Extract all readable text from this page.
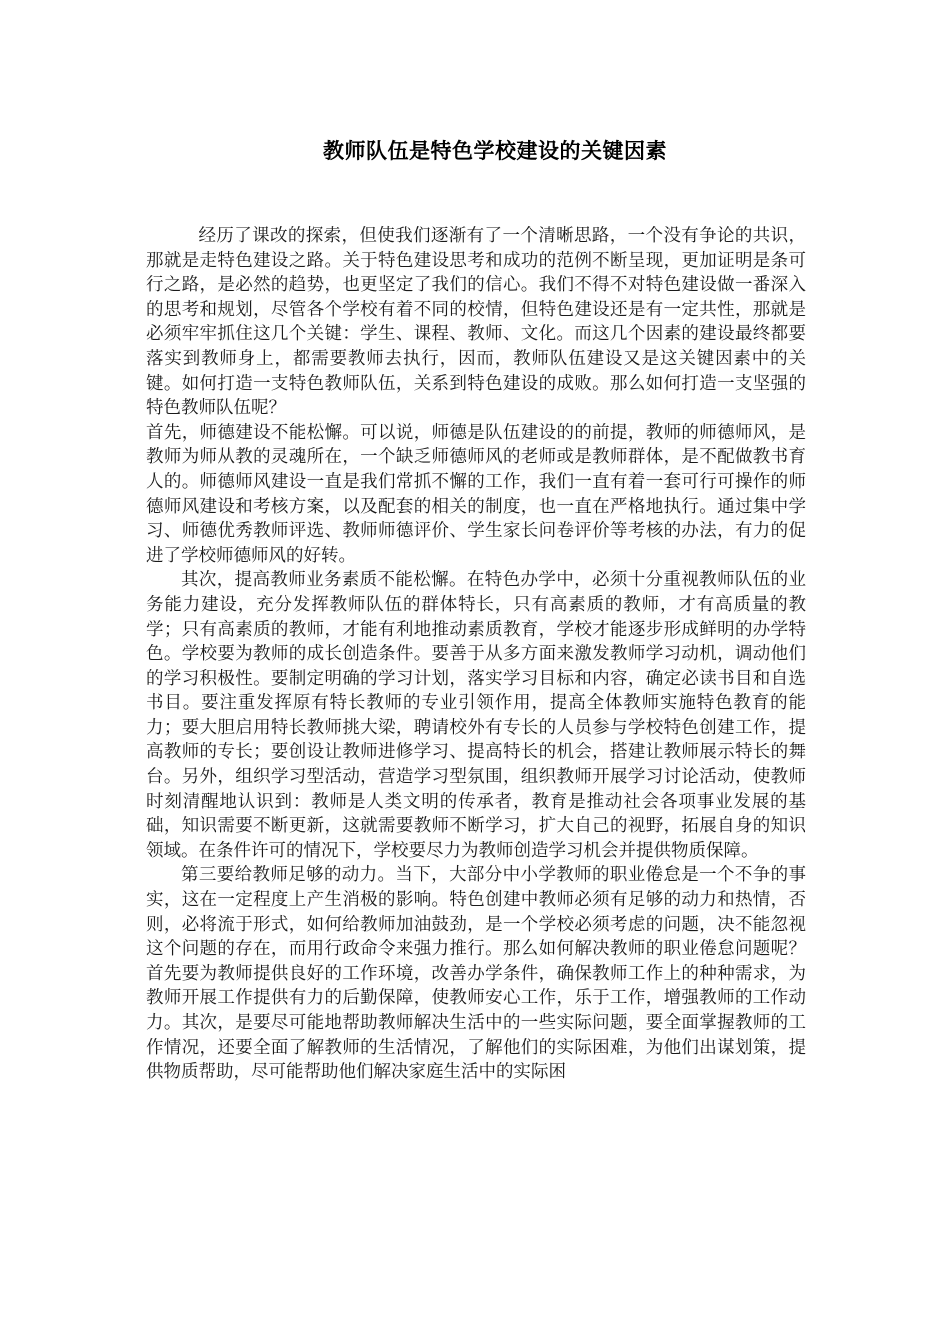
教师队伍是特色学校建设的关键因素

经历了课改的探索，但使我们逐渐有了一个清晰思路，一个没有争论的共识，那就是走特色建设之路。关于特色建设思考和成功的范例不断呈现，更加证明是条可行之路，是必然的趋势，也更坚定了我们的信心。我们不得不对特色建设做一番深入的思考和规划，尽管各个学校有着不同的校情，但特色建设还是有一定共性，那就是必须牢牢抓住这几个关键：学生、课程、教师、文化。而这几个因素的建设最终都要落实到教师身上，都需要教师去执行，因而，教师队伍建设又是这关键因素中的关键。如何打造一支特色教师队伍，关系到特色建设的成败。那么如何打造一支坚强的特色教师队伍呢？

首先，师德建设不能松懈。可以说，师德是队伍建设的的前提，教师的师德师风，是教师为师从教的灵魂所在，一个缺乏师德师风的老师或是教师群体，是不配做教书育人的。师德师风建设一直是我们常抓不懈的工作，我们一直有着一套可行可操作的师德师风建设和考核方案，以及配套的相关的制度，也一直在严格地执行。通过集中学习、师德优秀教师评选、教师师德评价、学生家长问卷评价等考核的办法，有力的促进了学校师德师风的好转。

其次，提高教师业务素质不能松懈。在特色办学中，必须十分重视教师队伍的业务能力建设，充分发挥教师队伍的群体特长，只有高素质的教师，才有高质量的教学；只有高素质的教师，才能有利地推动素质教育，学校才能逐步形成鲜明的办学特色。学校要为教师的成长创造条件。要善于从多方面来激发教师学习动机，调动他们的学习积极性。要制定明确的学习计划，落实学习目标和内容，确定必读书目和自选书目。要注重发挥原有特长教师的专业引领作用，提高全体教师实施特色教育的能力；要大胆启用特长教师挑大梁，聘请校外有专长的人员参与学校特色创建工作，提高教师的专长；要创设让教师进修学习、提高特长的机会，搭建让教师展示特长的舞台。另外，组织学习型活动，营造学习型氛围，组织教师开展学习讨论活动，使教师时刻清醒地认识到：教师是人类文明的传承者，教育是推动社会各项事业发展的基础，知识需要不断更新，这就需要教师不断学习，扩大自己的视野，拓展自身的知识领域。在条件许可的情况下，学校要尽力为教师创造学习机会并提供物质保障。

第三要给教师足够的动力。当下，大部分中小学教师的职业倦怠是一个不争的事实，这在一定程度上产生消极的影响。特色创建中教师必须有足够的动力和热情，否则，必将流于形式，如何给教师加油鼓劲，是一个学校必须考虑的问题，决不能忽视这个问题的存在，而用行政命令来强力推行。那么如何解决教师的职业倦怠问题呢？首先要为教师提供良好的工作环境，改善办学条件，确保教师工作上的种种需求，为教师开展工作提供有力的后勤保障，使教师安心工作，乐于工作，增强教师的工作动力。其次，是要尽可能地帮助教师解决生活中的一些实际问题，要全面掌握教师的工作情况，还要全面了解教师的生活情况，了解他们的实际困难，为他们出谋划策，提供物质帮助，尽可能帮助他们解决家庭生活中的实际困
